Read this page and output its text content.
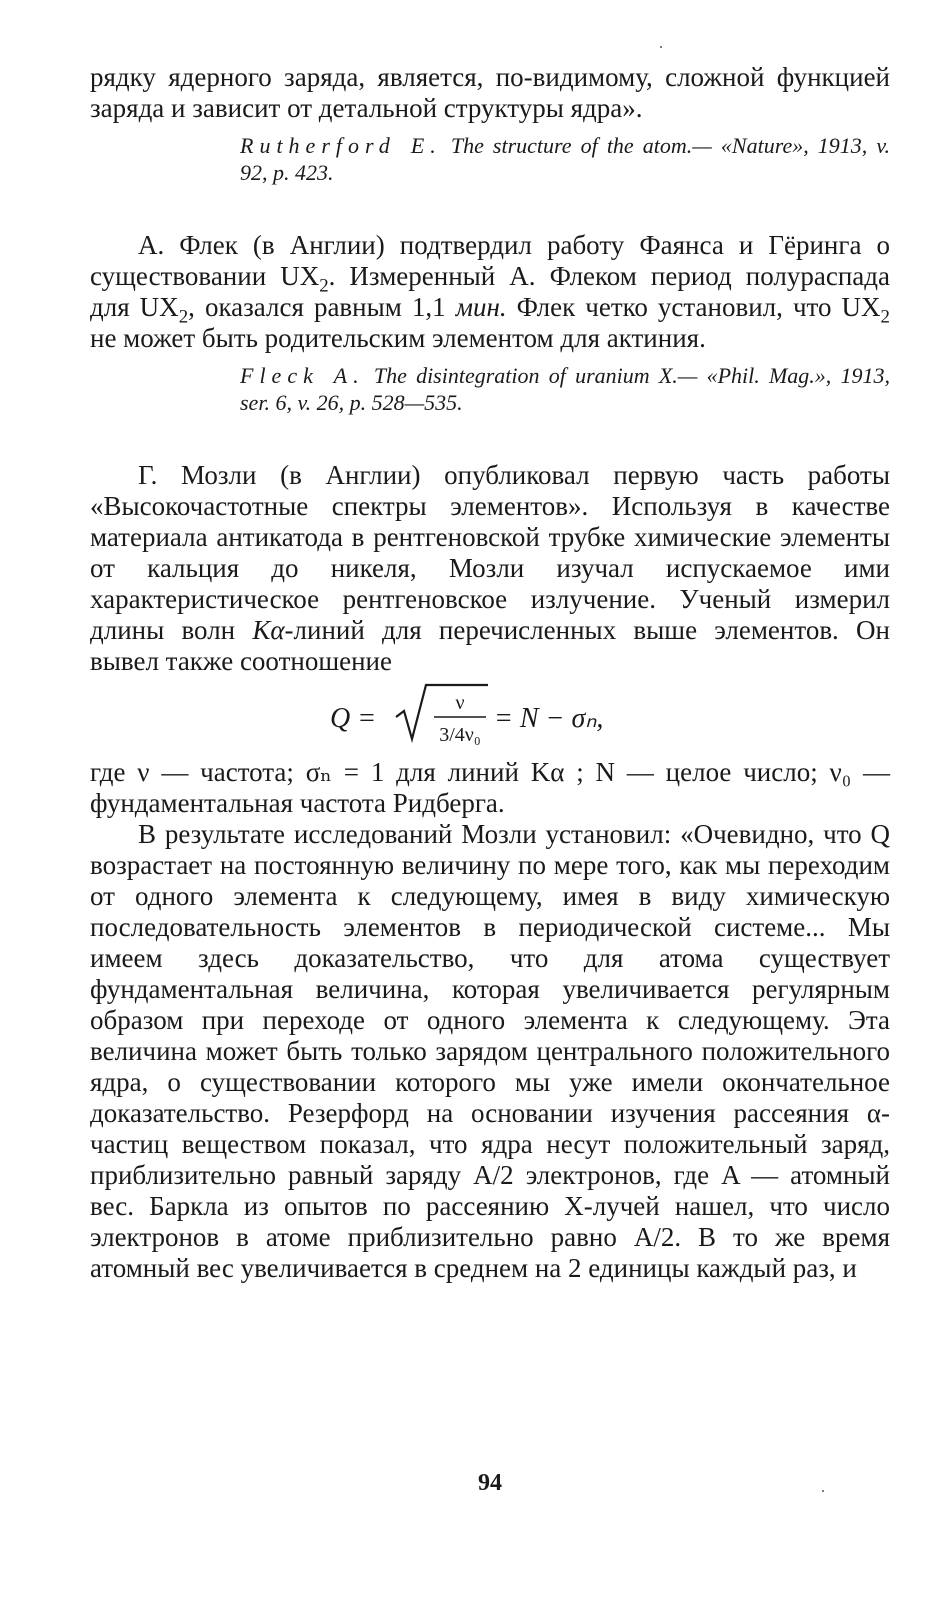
рядку ядерного заряда, является, по-видимому, сложной функцией заряда и зависит от детальной структуры ядра».

Rutherford E. The structure of the atom.— «Nature», 1913, v. 92, p. 423.

А. Флек (в Англии) подтвердил работу Фаянса и Гёринга о существовании $UX_2$. Измеренный А. Флеком период полураспада для $UX_2$, оказался равным 1,1 мин. Флек четко установил, что $UX_2$ не может быть родительским элементом для актиния.

Fleck A. The disintegration of uranium X.— «Phil. Mag.», 1913, ser. 6, v. 26, p. 528—535.

Г. Мозли (в Англии) опубликовал первую часть работы «Высокочастотные спектры элементов». Используя в качестве материала антикатода в рентгеновской трубке химические элементы от кальция до никеля, Мозли изучал испускаемое ими характеристическое рентгеновское излучение. Ученый измерил длины волн Kα-линий для перечисленных выше элементов. Он вывел также соотношение

Q =	ν
3/4ν₀
= N − σₙ,

где ν — частота; σₙ = 1 для линий Kα ; N — целое число; ν₀ — фундаментальная частота Ридберга.

В результате исследований Мозли установил: «Очевидно, что Q возрастает на постоянную величину по мере того, как мы переходим от одного элемента к следующему, имея в виду химическую последовательность элементов в периодической системе... Мы имеем здесь доказательство, что для атома существует фундаментальная величина, которая увеличивается регулярным образом при переходе от одного элемента к следующему. Эта величина может быть только зарядом центрального положительного ядра, о существовании которого мы уже имели окончательное доказательство. Резерфорд на основании изучения рассеяния α-частиц веществом показал, что ядра несут положительный заряд, приблизительно равный заряду A/2 электронов, где A — атомный вес. Баркла из опытов по рассеянию X-лучей нашел, что число электронов в атоме приблизительно равно A/2. В то же время атомный вес увеличивается в среднем на 2 единицы каждый раз, и

94
